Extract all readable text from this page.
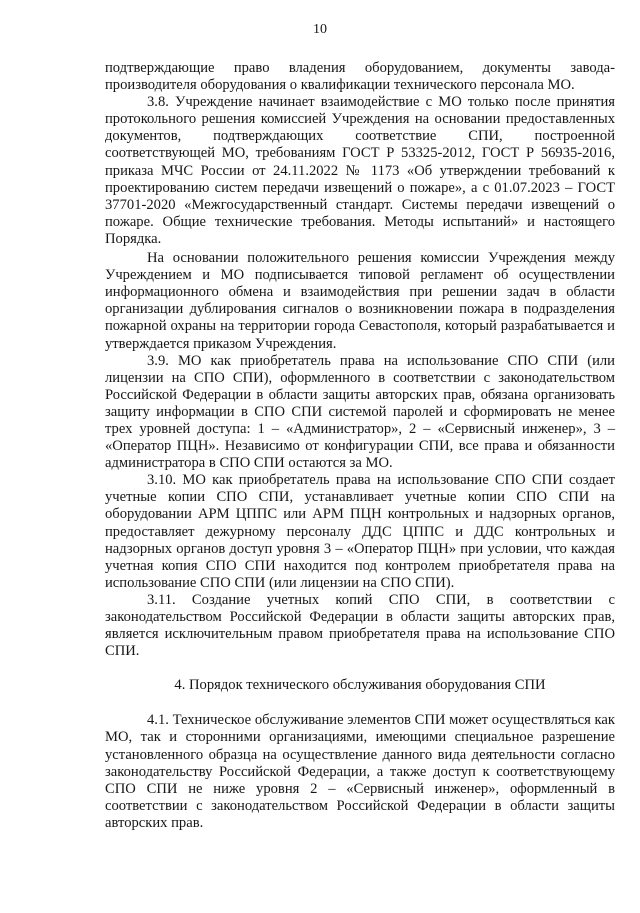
10

подтверждающие право владения оборудованием, документы завода-производителя оборудования о квалификации технического персонала МО.

3.8. Учреждение начинает взаимодействие с МО только после принятия протокольного решения комиссией Учреждения на основании предоставленных документов, подтверждающих соответствие СПИ, построенной соответствующей МО, требованиям ГОСТ Р 53325-2012, ГОСТ Р 56935-2016, приказа МЧС России от 24.11.2022 № 1173 «Об утверждении требований к проектированию систем передачи извещений о пожаре», а с 01.07.2023 – ГОСТ 37701-2020 «Межгосударственный стандарт. Системы передачи извещений о пожаре. Общие технические требования. Методы испытаний» и настоящего Порядка.

На основании положительного решения комиссии Учреждения между Учреждением и МО подписывается типовой регламент об осуществлении информационного обмена и взаимодействия при решении задач в области организации дублирования сигналов о возникновении пожара в подразделения пожарной охраны на территории города Севастополя, который разрабатывается и утверждается приказом Учреждения.

3.9. МО как приобретатель права на использование СПО СПИ (или лицензии на СПО СПИ), оформленного в соответствии с законодательством Российской Федерации в области защиты авторских прав, обязана организовать защиту информации в СПО СПИ системой паролей и сформировать не менее трех уровней доступа: 1 – «Администратор», 2 – «Сервисный инженер», 3 – «Оператор ПЦН». Независимо от конфигурации СПИ, все права и обязанности администратора в СПО СПИ остаются за МО.

3.10. МО как приобретатель права на использование СПО СПИ создает учетные копии СПО СПИ, устанавливает учетные копии СПО СПИ на оборудовании АРМ ЦППС или АРМ ПЦН контрольных и надзорных органов, предоставляет дежурному персоналу ДДС ЦППС и ДДС контрольных и надзорных органов доступ уровня 3 – «Оператор ПЦН» при условии, что каждая учетная копия СПО СПИ находится под контролем приобретателя права на использование СПО СПИ (или лицензии на СПО СПИ).

3.11. Создание учетных копий СПО СПИ, в соответствии с законодательством Российской Федерации в области защиты авторских прав, является исключительным правом приобретателя права на использование СПО СПИ.

4. Порядок технического обслуживания оборудования СПИ

4.1. Техническое обслуживание элементов СПИ может осуществляться как МО, так и сторонними организациями, имеющими специальное разрешение установленного образца на осуществление данного вида деятельности согласно законодательству Российской Федерации, а также доступ к соответствующему СПО СПИ не ниже уровня 2 – «Сервисный инженер», оформленный в соответствии с законодательством Российской Федерации в области защиты авторских прав.
